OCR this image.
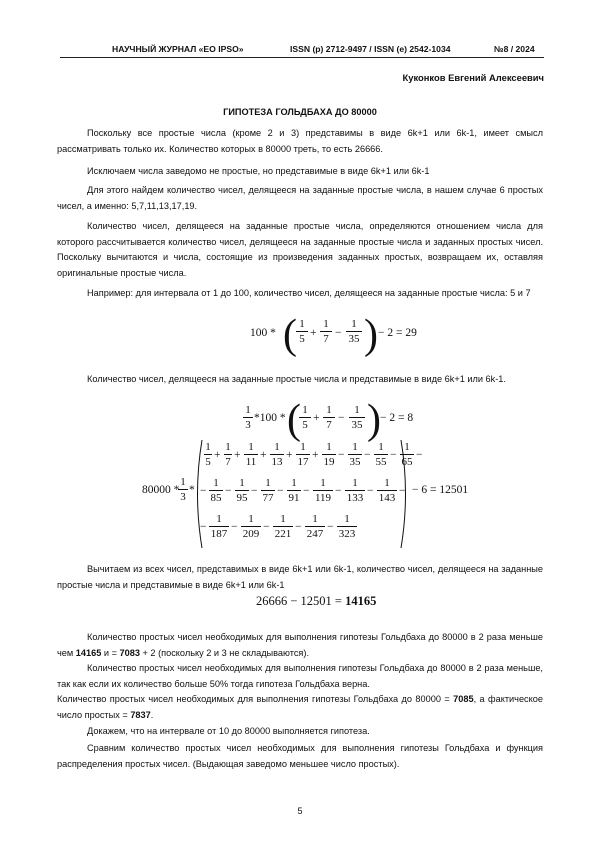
НАУЧНЫЙ ЖУРНАЛ «EO IPSO»	ISSN (p) 2712-9497 / ISSN (e) 2542-1034	№8 / 2024
Куконков Евгений Алексеевич
ГИПОТЕЗА ГОЛЬДБАХА ДО 80000

Поскольку все простые числа (кроме 2 и 3) представимы в виде 6k+1 или 6k-1, имеет смысл рассматривать только их. Количество которых в 80000 треть, то есть 26666.

Исключаем числа заведомо не простые, но представимые в виде 6k+1 или 6k-1

Для этого найдем количество чисел, делящееся на заданные простые числа, в нашем случае 6 простых чисел, а именно: 5,7,11,13,17,19.

Количество чисел, делящееся на заданные простые числа, определяются отношением числа для которого рассчитывается количество чисел, делящееся на заданные простые числа и заданных простых чисел. Поскольку вычитаются и числа, состоящие из произведения заданных простых, возвращаем их, оставляя оригинальные простые числа.

Например: для интервала от 1 до 100, количество чисел, делящееся на заданные простые числа: 5 и 7

100 * ( 1
5 +
1
7 −
1
35 ) − 2 = 29

Количество чисел, делящееся на заданные простые числа и представимые в виде 6k+1 или 6k-1.

1
3
*100 * ( 1
5
+
1
7
−
1
35 ) − 2 = 8
80000 *
1
3
*
1
5
+
1
7
+
1
11
+
1
13
+
1
17
+
1
19
−
1
35
−
1
55
−
1
65
−
−
1
85
−
1
95
−
1
77
−
1
91
−
1
119
−
1
133
−
1
143
−
−
1
187
−
1
209
−
1
221
−
1
247
−
1
323
− 6 = 12501

Вычитаем из всех чисел, представимых в виде 6k+1 или 6k-1, количество чисел, делящееся на заданные простые числа и представимые в виде 6k+1 или 6k-1

26666 − 12501 = 14165

Количество простых чисел необходимых для выполнения гипотезы Гольдбаха до 80000 в 2 раза меньше чем 14165 и = 7083 + 2 (поскольку 2 и 3 не складываются).

Количество простых чисел необходимых для выполнения гипотезы Гольдбаха до 80000 в 2 раза меньше, так как если их количество больше 50% тогда гипотеза Гольдбаха верна.

Количество простых чисел необходимых для выполнения гипотезы Гольдбаха до 80000 = 7085, а фактическое число простых = 7837.

Докажем, что на интервале от 10 до 80000 выполняется гипотеза.

Сравним количество простых чисел необходимых для выполнения гипотезы Гольдбаха и функция распределения простых чисел. (Выдающая заведомо меньшее число простых).

5
